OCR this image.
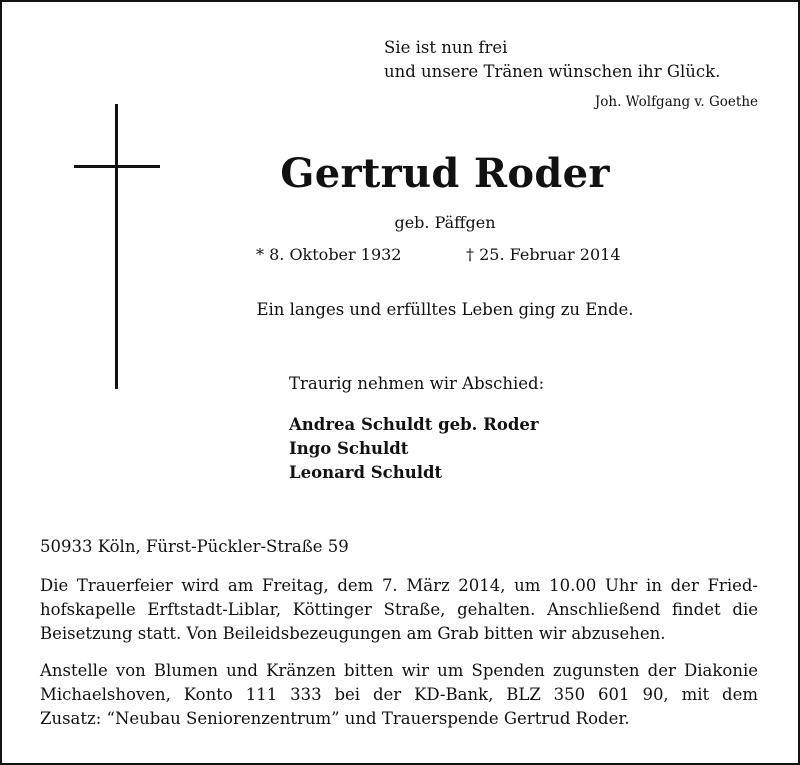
Sie ist nun frei
und unsere Tränen wünschen ihr Glück.
Joh. Wolfgang v. Goethe
Gertrud Roder
geb. Päffgen
* 8. Oktober 1932	† 25. Februar 2014
Ein langes und erfülltes Leben ging zu Ende.
Traurig nehmen wir Abschied:
Andrea Schuldt geb. Roder
Ingo Schuldt
Leonard Schuldt
50933 Köln, Fürst-Pückler-Straße 59
Die Trauerfeier wird am Freitag, dem 7. März 2014, um 10.00 Uhr in der Fried-
hofskapelle Erftstadt-Liblar, Köttinger Straße, gehalten. Anschließend findet die
Beisetzung statt. Von Beileidsbezeugungen am Grab bitten wir abzusehen.
Anstelle von Blumen und Kränzen bitten wir um Spenden zugunsten der Diakonie
Michaelshoven, Konto 111 333 bei der KD-Bank, BLZ 350 601 90, mit dem
Zusatz: “Neubau Seniorenzentrum” und Trauerspende Gertrud Roder.
